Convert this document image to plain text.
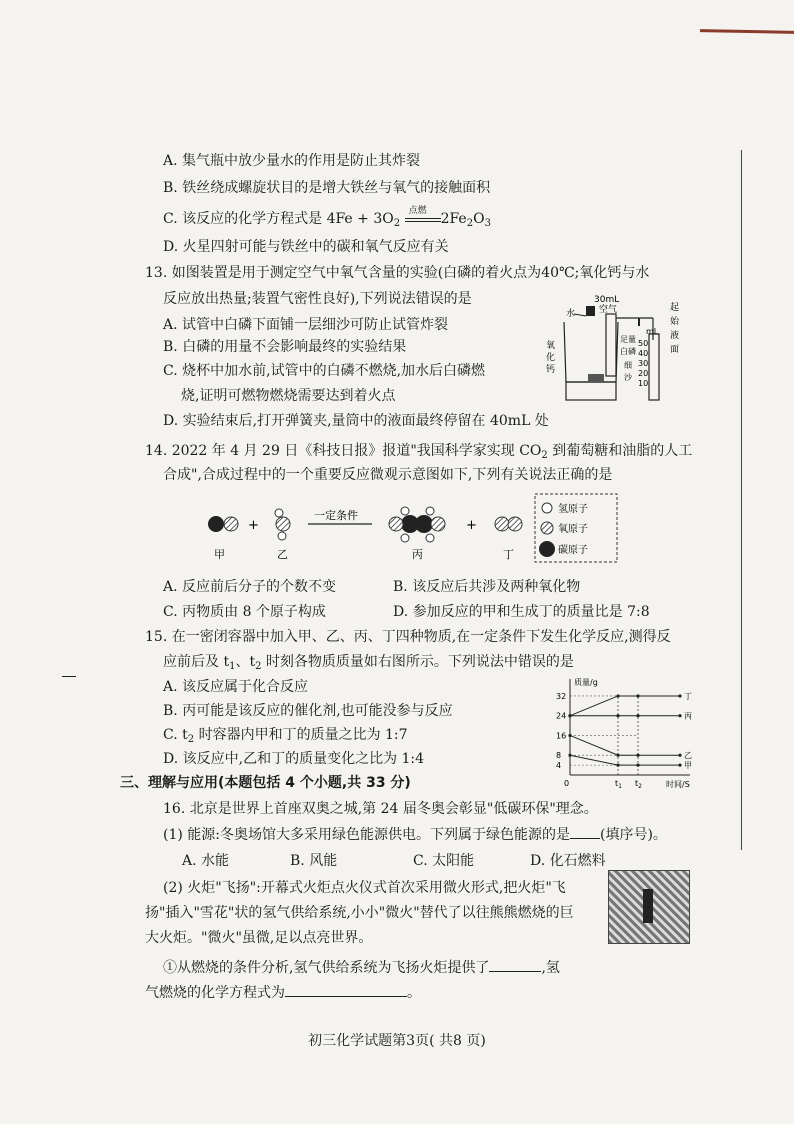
A. 集气瓶中放少量水的作用是防止其炸裂
B. 铁丝绕成螺旋状目的是增大铁丝与氧气的接触面积
C. 该反应的化学方程式是 $4Fe + 3O_2$
点燃 $2Fe_2O_3$
D. 火星四射可能与铁丝中的碳和氧气反应有关
13. 如图装置是用于测定空气中氧气含量的实验(白磷的着火点为40℃;氧化钙与水
反应放出热量;装置气密性良好),下列说法错误的是
A. 试管中白磷下面铺一层细沙可防止试管炸裂
B. 白磷的用量不会影响最终的实验结果
C. 烧杯中加水前,试管中的白磷不燃烧,加水后白磷燃
烧,证明可燃物燃烧需要达到着火点
D. 实验结束后,打开弹簧夹,量筒中的液面最终停留在 40mL 处
30mL
空气
水
氧
化
钙
足量
白磷
细
沙
mL
50
40
30
20
10
起
始
液
面
14. 2022 年 4 月 29 日《科技日报》报道"我国科学家实现 $CO_2$ 到葡萄糖和油脂的人工
合成",合成过程中的一个重要反应微观示意图如下,下列有关说法正确的是
+
一定条件
+
甲	乙	丙	丁
氢原子
氧原子
碳原子
A. 反应前后分子的个数不变	B. 该反应后共涉及两种氧化物
C. 丙物质由 8 个原子构成	D. 参加反应的甲和生成丁的质量比是 7:8
15. 在一密闭容器中加入甲、乙、丙、丁四种物质,在一定条件下发生化学反应,测得反
应前后及 $t_1$、$t_2$ 时刻各物质质量如右图所示。下列说法中错误的是
A. 该反应属于化合反应
B. 丙可能是该反应的催化剂,也可能没参与反应
C. $t_2$ 时容器内甲和丁的质量之比为 1:7
D. 该反应中,乙和丁的质量变化之比为 1:4
质量/g
时间/S
0	$t_1$ $t_2$
4
8
16
24
32	丁
丙
乙
甲
三、理解与应用(本题包括 4 个小题,共 33 分)
16. 北京是世界上首座双奥之城,第 24 届冬奥会彰显"低碳环保"理念。
(1) 能源:冬奥场馆大多采用绿色能源供电。下列属于绿色能源的是 (填序号)。
A. 水能	B. 风能	C. 太阳能	D. 化石燃料
(2) 火炬"飞扬":开幕式火炬点火仪式首次采用微火形式,把火炬"飞
扬"插入"雪花"状的氢气供给系统,小小"微火"替代了以往熊熊燃烧的巨
大火炬。"微火"虽微,足以点亮世界。
①从燃烧的条件分析,氢气供给系统为飞扬火炬提供了	,氢
气燃烧的化学方程式为	。
初三化学试题第3页( 共8 页)
